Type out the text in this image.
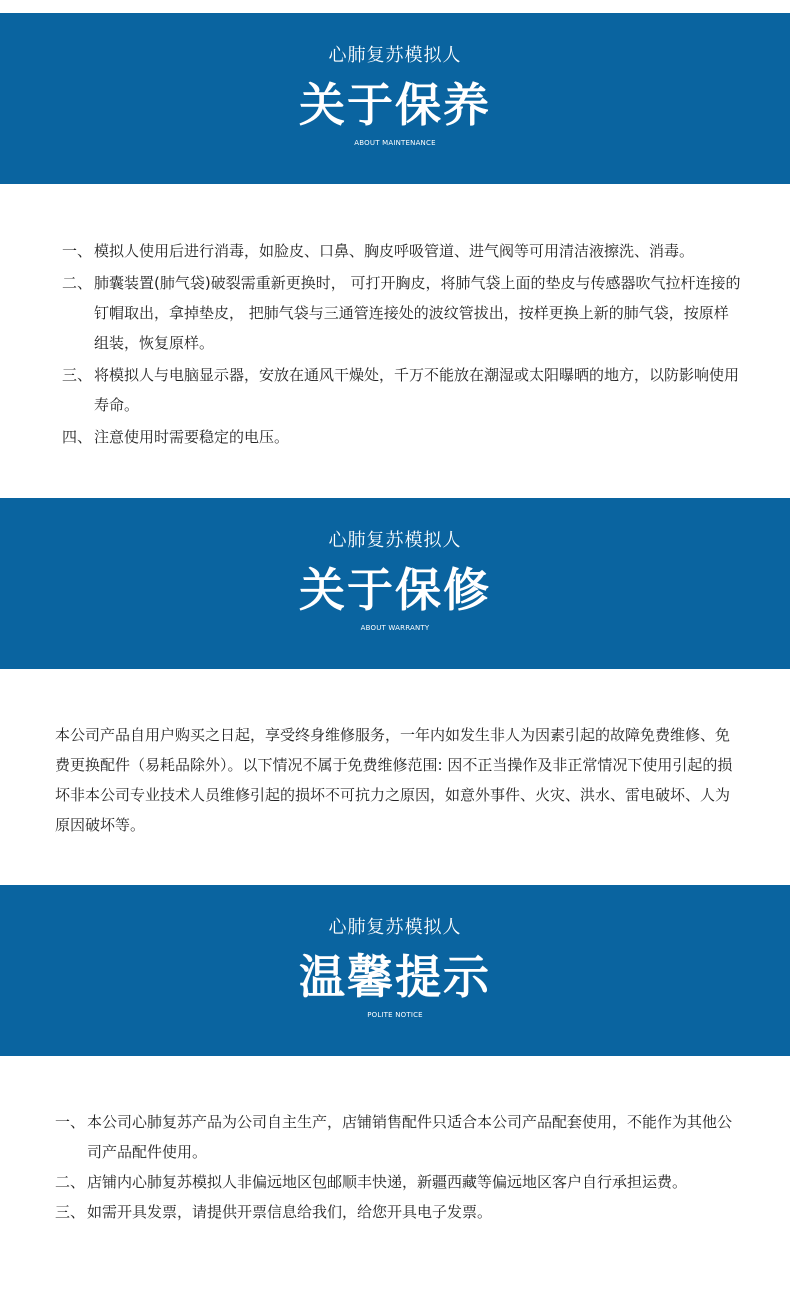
心肺复苏模拟人
关于保养
ABOUT MAINTENANCE
一、 模拟人使用后进行消毒，如脸皮、口鼻、胸皮呼吸管道、进气阀等可用清洁液擦洗、消毒。
二、 肺囊装置(肺气袋)破裂需重新更换时， 可打开胸皮，将肺气袋上面的垫皮与传感器吹气拉杆连接的钉帽取出，拿掉垫皮， 把肺气袋与三通管连接处的波纹管拔出，按样更换上新的肺气袋，按原样组装，恢复原样。
三、 将模拟人与电脑显示器，安放在通风干燥处，千万不能放在潮湿或太阳曝晒的地方，以防影响使用寿命。
四、 注意使用时需要稳定的电压。
心肺复苏模拟人
关于保修
ABOUT WARRANTY
本公司产品自用户购买之日起，享受终身维修服务，一年内如发生非人为因素引起的故障免费维修、免费更换配件（易耗品除外）。以下情况不属于免费维修范围: 因不正当操作及非正常情况下使用引起的损坏非本公司专业技术人员维修引起的损坏不可抗力之原因，如意外事件、火灾、洪水、雷电破坏、人为原因破坏等。
心肺复苏模拟人
温馨提示
POLITE NOTICE
一、 本公司心肺复苏产品为公司自主生产，店铺销售配件只适合本公司产品配套使用，不能作为其他公司产品配件使用。
二、 店铺内心肺复苏模拟人非偏远地区包邮顺丰快递，新疆西藏等偏远地区客户自行承担运费。
三、 如需开具发票，请提供开票信息给我们，给您开具电子发票。
